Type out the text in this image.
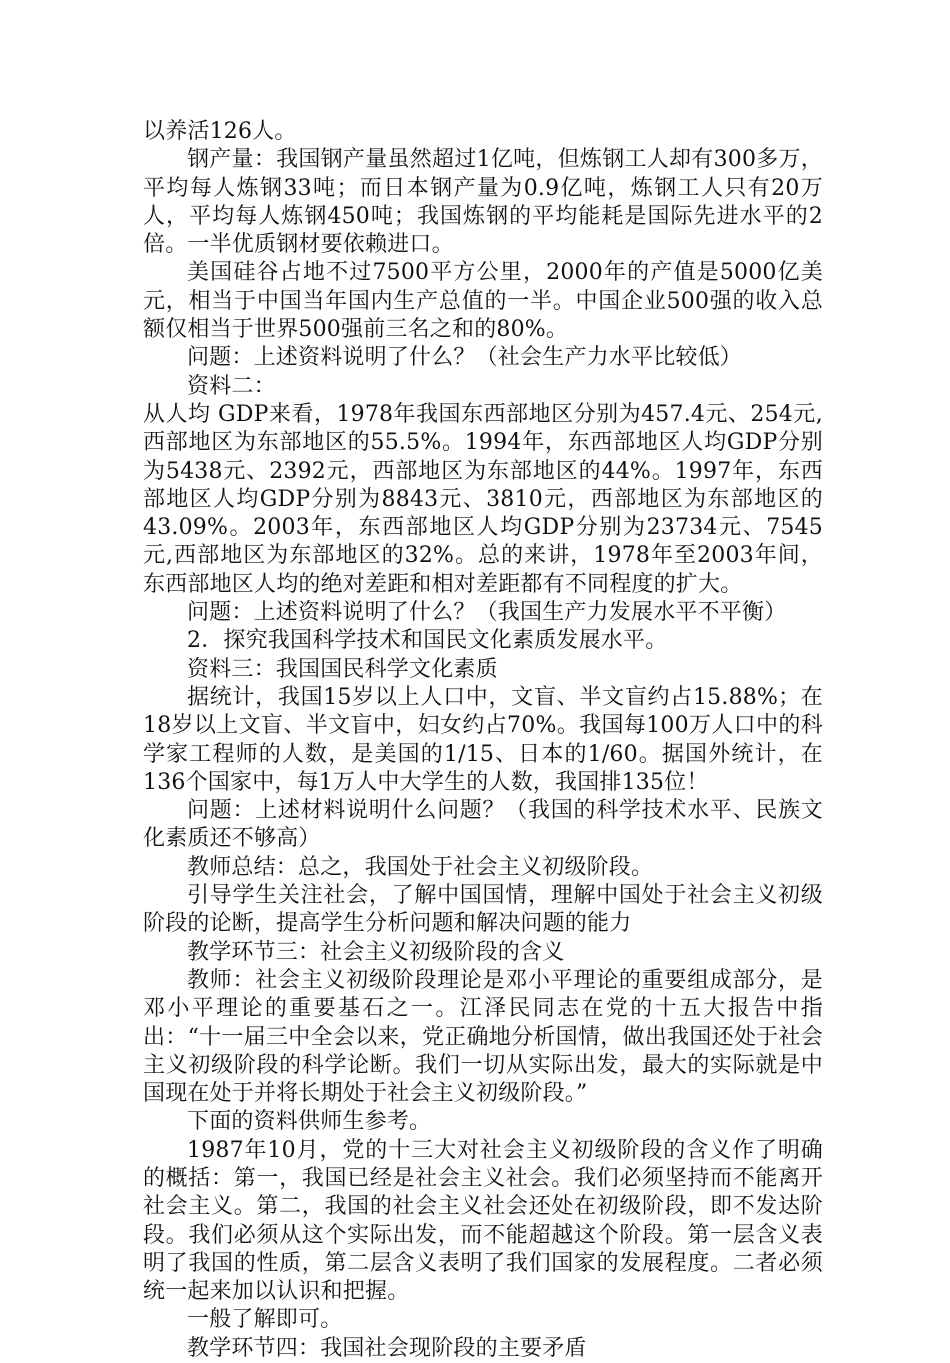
以养活126人。

钢产量：我国钢产量虽然超过1亿吨，但炼钢工人却有300多万，平均每人炼钢33吨；而日本钢产量为0.9亿吨，炼钢工人只有20万人，平均每人炼钢450吨；我国炼钢的平均能耗是国际先进水平的2倍。一半优质钢材要依赖进口。

美国硅谷占地不过7500平方公里，2000年的产值是5000亿美元，相当于中国当年国内生产总值的一半。中国企业500强的收入总额仅相当于世界500强前三名之和的80%。

问题：上述资料说明了什么？（社会生产力水平比较低）

资料二：

从人均 GDP来看，1978年我国东西部地区分别为457.4元、254元,西部地区为东部地区的55.5%。1994年，东西部地区人均GDP分别为5438元、2392元，西部地区为东部地区的44%。1997年，东西部地区人均GDP分别为8843元、3810元，西部地区为东部地区的43.09%。2003年，东西部地区人均GDP分别为23734元、7545元,西部地区为东部地区的32%。总的来讲，1978年至2003年间，东西部地区人均的绝对差距和相对差距都有不同程度的扩大。

问题：上述资料说明了什么？（我国生产力发展水平不平衡）

2．探究我国科学技术和国民文化素质发展水平。

资料三：我国国民科学文化素质

据统计，我国15岁以上人口中，文盲、半文盲约占15.88%；在18岁以上文盲、半文盲中，妇女约占70%。我国每100万人口中的科学家工程师的人数，是美国的1/15、日本的1/60。据国外统计，在136个国家中，每1万人中大学生的人数，我国排135位！

问题：上述材料说明什么问题？（我国的科学技术水平、民族文化素质还不够高）

教师总结：总之，我国处于社会主义初级阶段。

引导学生关注社会，了解中国国情，理解中国处于社会主义初级阶段的论断，提高学生分析问题和解决问题的能力

教学环节三：社会主义初级阶段的含义

教师：社会主义初级阶段理论是邓小平理论的重要组成部分，是邓小平理论的重要基石之一。江泽民同志在党的十五大报告中指出：“十一届三中全会以来，党正确地分析国情，做出我国还处于社会主义初级阶段的科学论断。我们一切从实际出发，最大的实际就是中国现在处于并将长期处于社会主义初级阶段。”

下面的资料供师生参考。

1987年10月，党的十三大对社会主义初级阶段的含义作了明确的概括：第一，我国已经是社会主义社会。我们必须坚持而不能离开社会主义。第二，我国的社会主义社会还处在初级阶段，即不发达阶段。我们必须从这个实际出发，而不能超越这个阶段。第一层含义表明了我国的性质，第二层含义表明了我们国家的发展程度。二者必须统一起来加以认识和把握。

一般了解即可。

教学环节四：我国社会现阶段的主要矛盾
